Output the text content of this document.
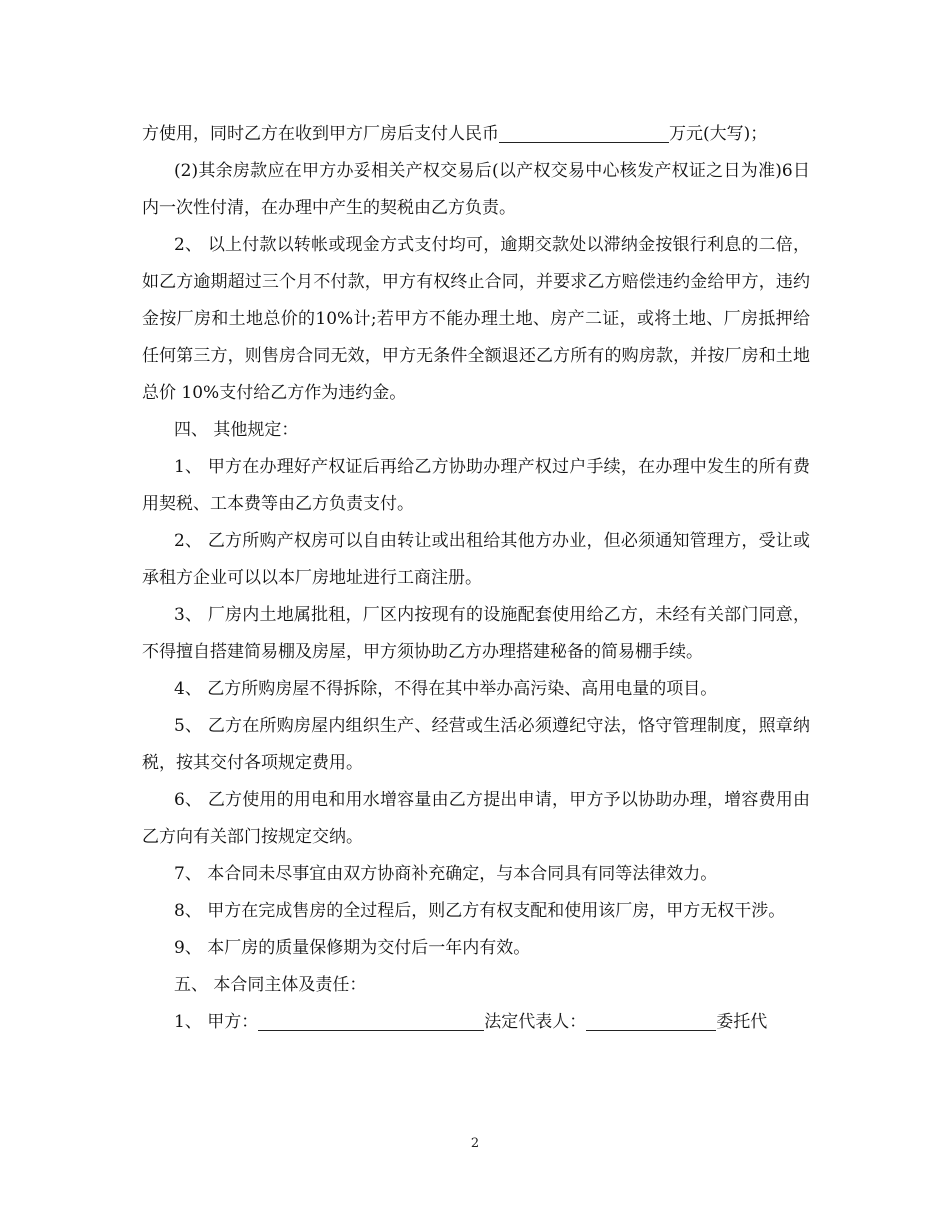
方使用，同时乙方在收到甲方厂房后支付人民币	万元(大写)；

(2)其余房款应在甲方办妥相关产权交易后(以产权交易中心核发产权证之日为准)6日内一次性付清，在办理中产生的契税由乙方负责。

2、 以上付款以转帐或现金方式支付均可，逾期交款处以滞纳金按银行利息的二倍，如乙方逾期超过三个月不付款，甲方有权终止合同，并要求乙方赔偿违约金给甲方，违约金按厂房和土地总价的10%计;若甲方不能办理土地、房产二证，或将土地、厂房抵押给任何第三方，则售房合同无效，甲方无条件全额退还乙方所有的购房款，并按厂房和土地总价 10%支付给乙方作为违约金。

四、 其他规定：

1、 甲方在办理好产权证后再给乙方协助办理产权过户手续，在办理中发生的所有费用契税、工本费等由乙方负责支付。

2、 乙方所购产权房可以自由转让或出租给其他方办业，但必须通知管理方，受让或承租方企业可以以本厂房地址进行工商注册。

3、 厂房内土地属批租，厂区内按现有的设施配套使用给乙方，未经有关部门同意，不得擅自搭建简易棚及房屋，甲方须协助乙方办理搭建秘备的简易棚手续。

4、 乙方所购房屋不得拆除，不得在其中举办高污染、高用电量的项目。

5、 乙方在所购房屋内组织生产、经营或生活必须遵纪守法，恪守管理制度，照章纳税，按其交付各项规定费用。

6、 乙方使用的用电和用水增容量由乙方提出申请，甲方予以协助办理，增容费用由乙方向有关部门按规定交纳。

7、 本合同未尽事宜由双方协商补充确定，与本合同具有同等法律效力。

8、 甲方在完成售房的全过程后，则乙方有权支配和使用该厂房，甲方无权干涉。

9、 本厂房的质量保修期为交付后一年内有效。

五、 本合同主体及责任：

1、 甲方：	法定代表人：	委托代

2
